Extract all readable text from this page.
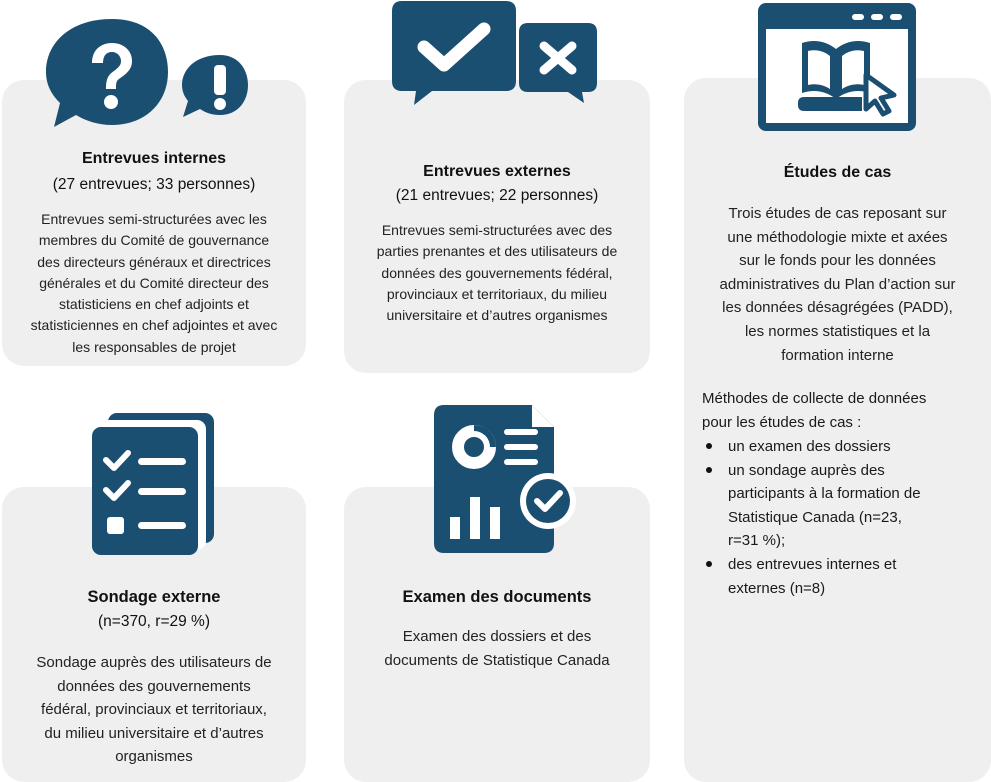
Entrevues internes
(27 entrevues; 33 personnes)
Entrevues semi-structurées avec les
membres du Comité de gouvernance
des directeurs généraux et directrices
générales et du Comité directeur des
statisticiens en chef adjoints et
statisticiennes en chef adjointes et avec
les responsables de projet
Entrevues externes
(21 entrevues; 22 personnes)
Entrevues semi-structurées avec des
parties prenantes et des utilisateurs de
données des gouvernements fédéral,
provinciaux et territoriaux, du milieu
universitaire et d’autres organismes
Études de cas
Trois études de cas reposant sur
une méthodologie mixte et axées
sur le fonds pour les données
administratives du Plan d’action sur
les données désagrégées (PADD),
les normes statistiques et la
formation interne
Méthodes de collecte de données
pour les études de cas :
un examen des dossiers
un sondage auprès des
participants à la formation de
Statistique Canada (n=23,
r=31 %);
des entrevues internes et
externes (n=8)
Sondage externe
(n=370, r=29 %)
Sondage auprès des utilisateurs de
données des gouvernements
fédéral, provinciaux et territoriaux,
du milieu universitaire et d’autres
organismes
Examen des documents
Examen des dossiers et des
documents de Statistique Canada
